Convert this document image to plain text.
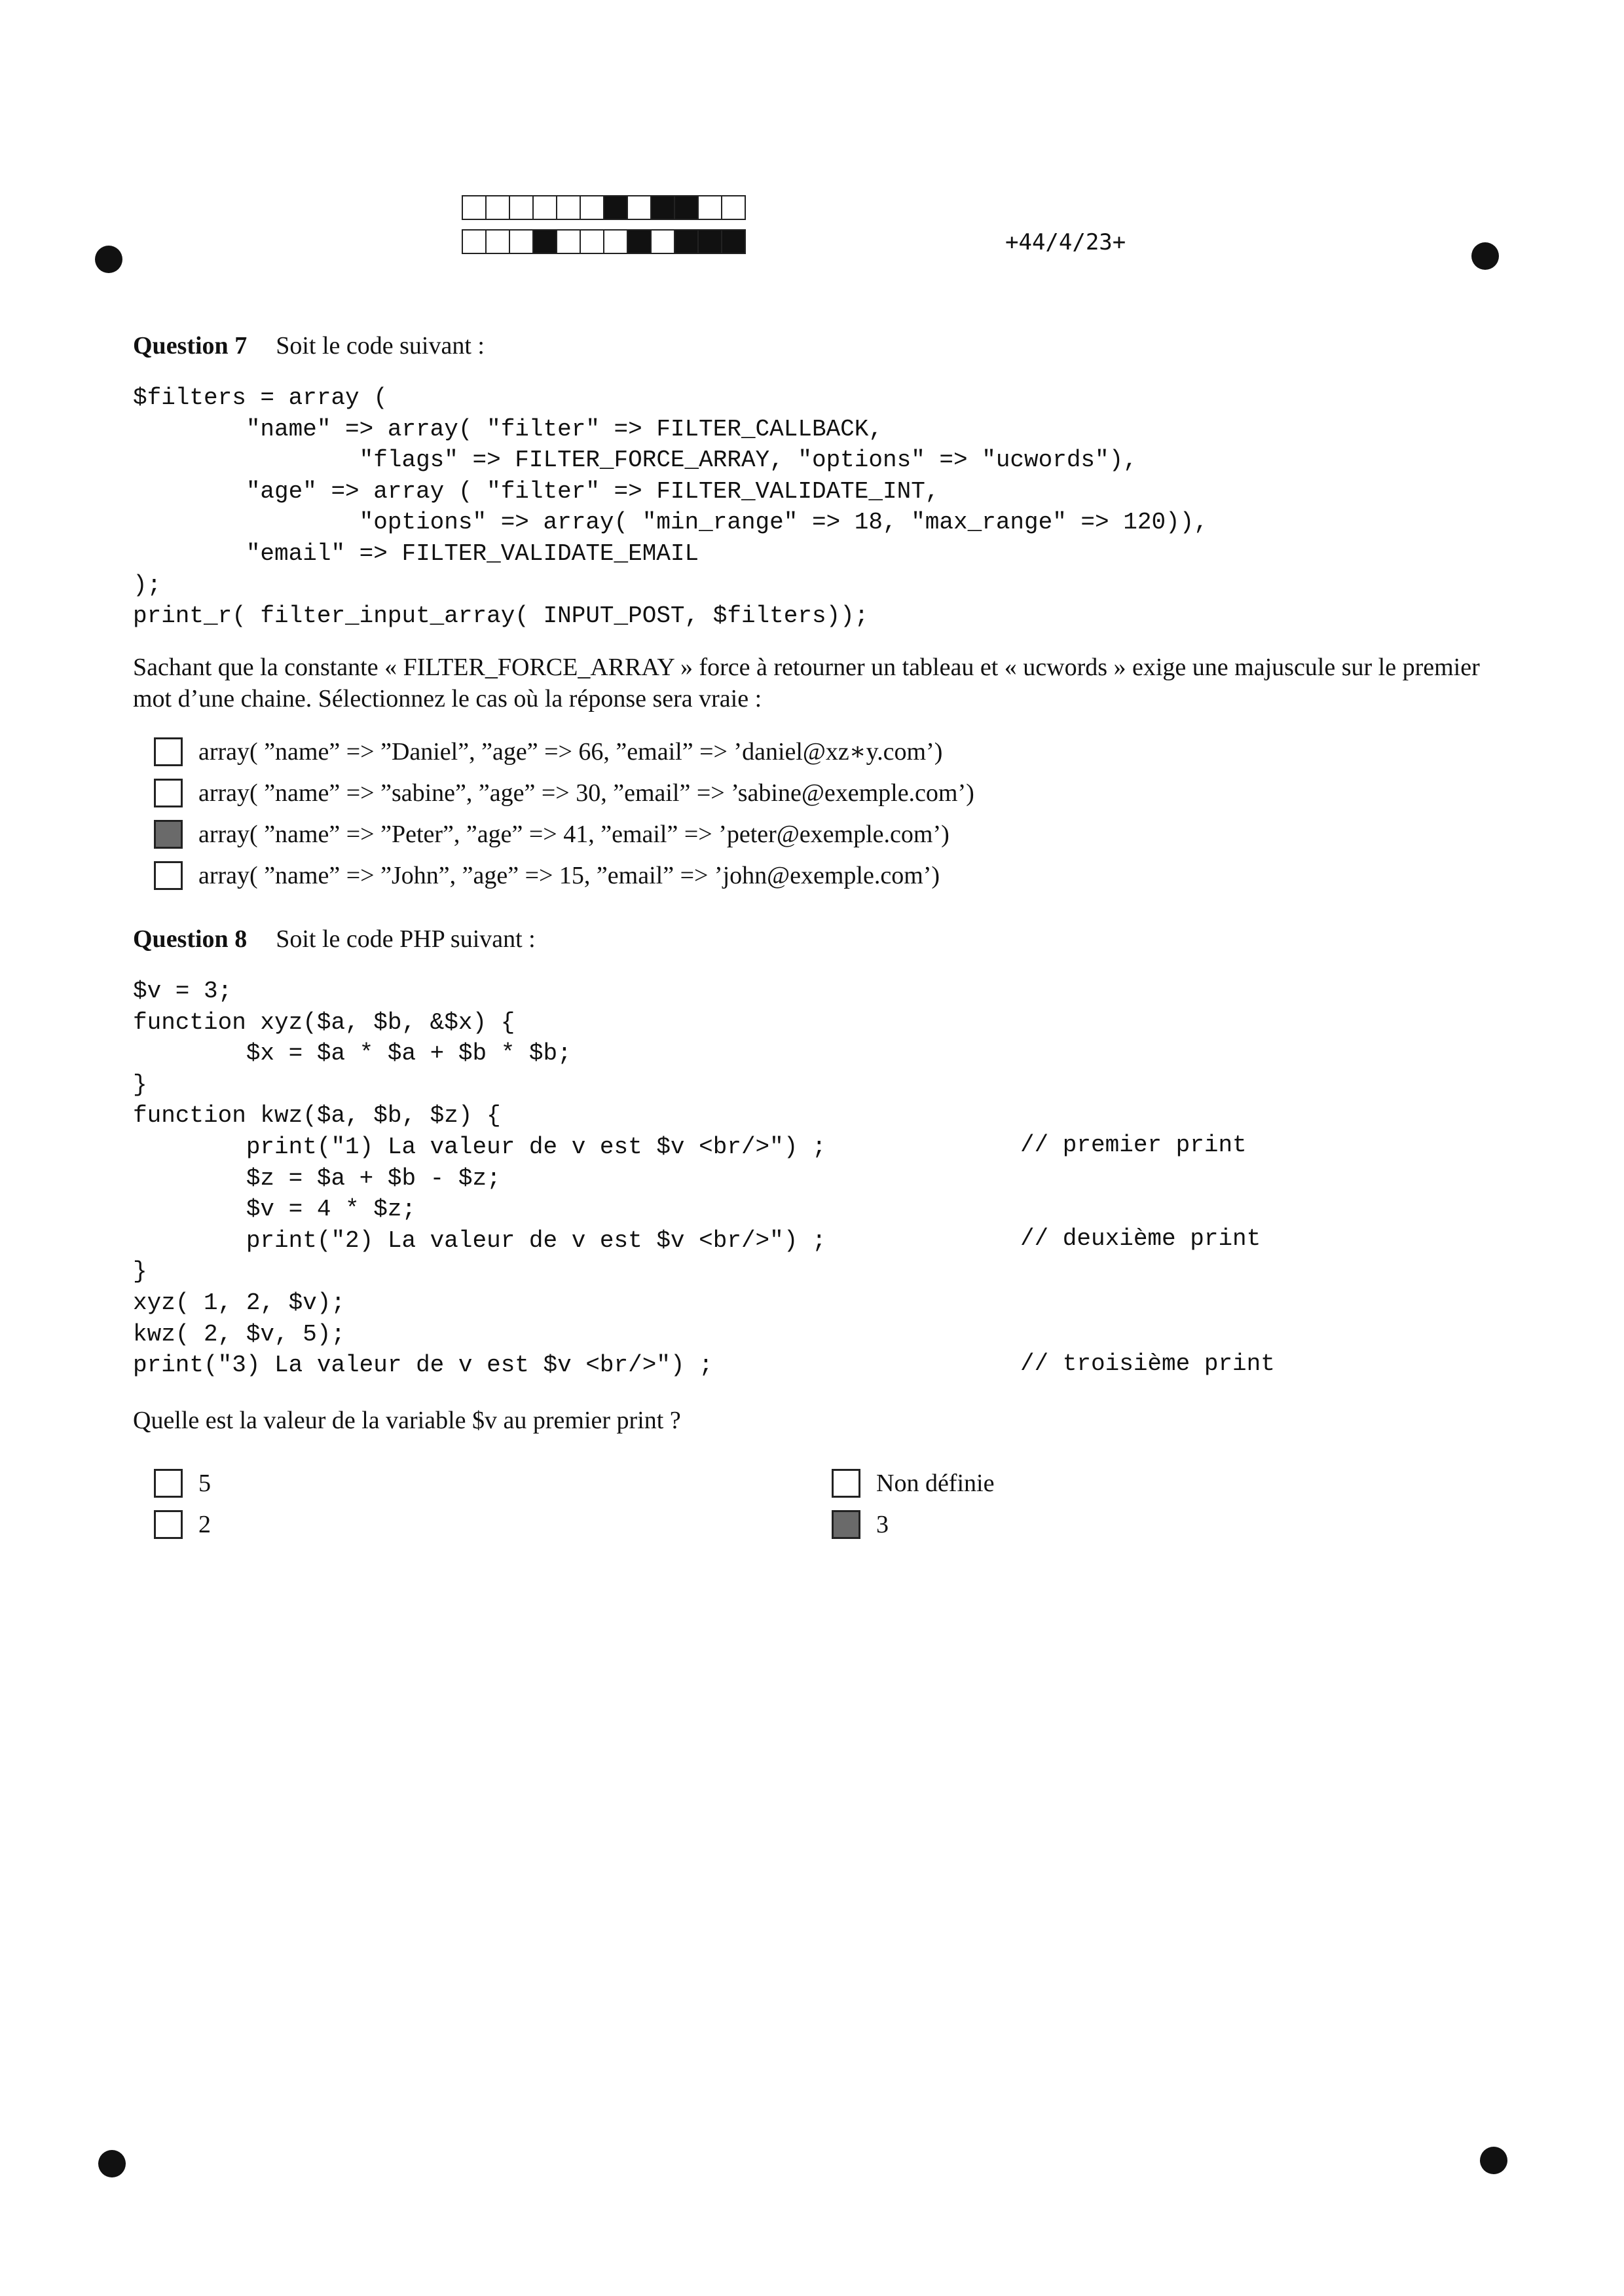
+44/4/23+
Question 7 Soit le code suivant :
$filters = array (
"name" => array( "filter" => FILTER_CALLBACK,
"flags" => FILTER_FORCE_ARRAY, "options" => "ucwords"),
"age" => array ( "filter" => FILTER_VALIDATE_INT,
"options" => array( "min_range" => 18, "max_range" => 120)),
"email" => FILTER_VALIDATE_EMAIL
);
print_r( filter_input_array( INPUT_POST, $filters));
Sachant que la constante « FILTER_FORCE_ARRAY » force à retourner un tableau et « ucwords » exige une majuscule sur le premier mot d’une chaine. Sélectionnez le cas où la réponse sera vraie :
array( ”name” => ”Daniel”, ”age” => 66, ”email” => ’daniel@xz∗y.com’)
array( ”name” => ”sabine”, ”age” => 30, ”email” => ’sabine@exemple.com’)
array( ”name” => ”Peter”, ”age” => 41, ”email” => ’peter@exemple.com’)
array( ”name” => ”John”, ”age” => 15, ”email” => ’john@exemple.com’)
Question 8 Soit le code PHP suivant :
$v = 3;
function xyz($a, $b, &$x) {
$x = $a * $a + $b * $b;
}
function kwz($a, $b, $z) {
print("1) La valeur de v est $v <br/>") ;
$z = $a + $b - $z;
$v = 4 * $z;
print("2) La valeur de v est $v <br/>") ;
}
xyz( 1, 2, $v);
kwz( 2, $v, 5);
print("3) La valeur de v est $v <br/>") ;
// premier print
// deuxième print
// troisième print
Quelle est la valeur de la variable $v au premier print ?
5
2
Non définie
3
